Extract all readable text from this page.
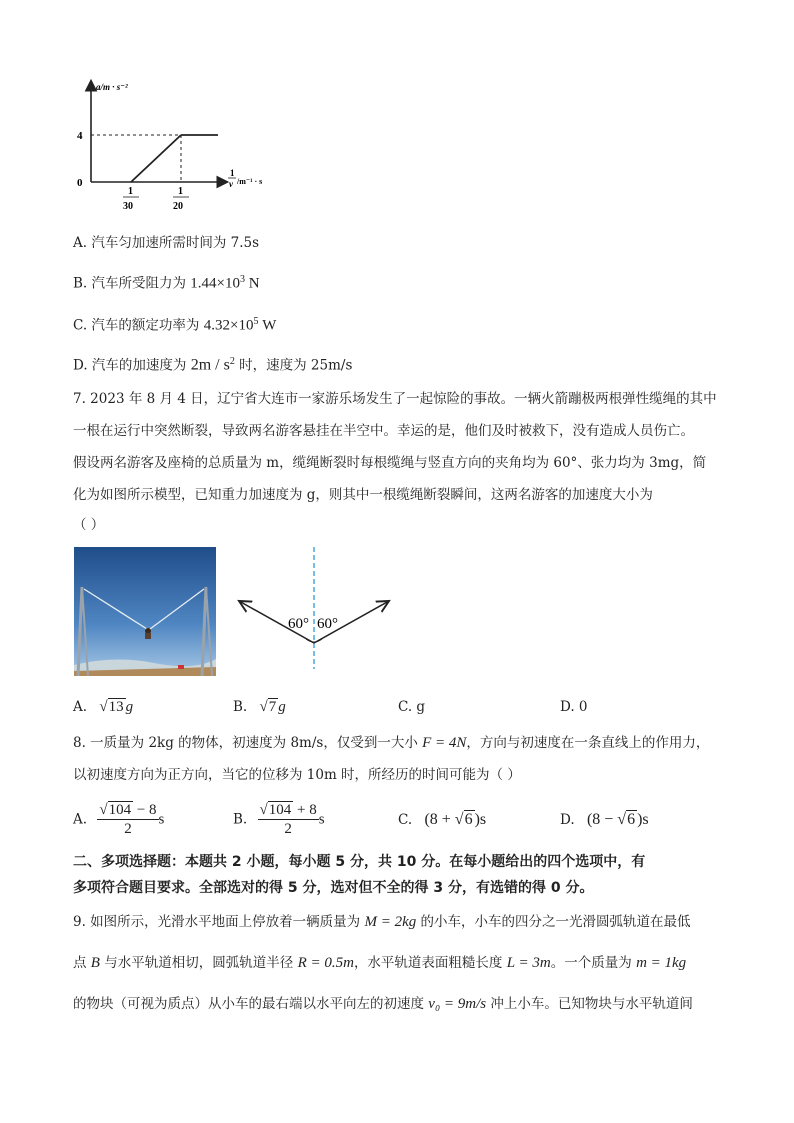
a/m · s⁻²
4
0
1
v /m⁻¹ · s
1
30
1
20
A. 汽车匀加速所需时间为 7.5s
B. 汽车所受阻力为 $1.44\times 10^3$ N
C. 汽车的额定功率为 $4.32\times 10^5$ W
D. 汽车的加速度为 $2m / s^2$ 时，速度为 25m/s
7. 2023 年 8 月 4 日，辽宁省大连市一家游乐场发生了一起惊险的事故。一辆火箭蹦极两根弹性缆绳的其中
一根在运行中突然断裂，导致两名游客悬挂在半空中。幸运的是，他们及时被救下，没有造成人员伤亡。
假设两名游客及座椅的总质量为 m，缆绳断裂时每根缆绳与竖直方向的夹角均为 60°、张力均为 3mg，简
化为如图所示模型，已知重力加速度为 g，则其中一根缆绳断裂瞬间，这两名游客的加速度大小为
（ ）
60° 60°
A. √13 g	B. √7 g	C. g	D. 0
8. 一质量为 2kg 的物体，初速度为 8m/s，仅受到一大小 F = 4N，方向与初速度在一条直线上的作用力，
以初速度方向为正方向，当它的位移为 10m 时，所经历的时间可能为（ ）
A. $\frac{√104 - 8}{2}$ s	B. $\frac{√104 + 8}{2}$ s	C. (8 + √6 )s	D. (8 − √6 )s
二、多项选择题：本题共 2 小题，每小题 5 分，共 10 分。在每小题给出的四个选项中，有
多项符合题目要求。全部选对的得 5 分，选对但不全的得 3 分，有选错的得 0 分。
9. 如图所示，光滑水平地面上停放着一辆质量为 M = 2kg 的小车，小车的四分之一光滑圆弧轨道在最低
点 B 与水平轨道相切，圆弧轨道半径 R = 0.5m，水平轨道表面粗糙长度 L = 3m。一个质量为 m = 1kg
的物块（可视为质点）从小车的最右端以水平向左的初速度 v₀ = 9m/s 冲上小车。已知物块与水平轨道间
